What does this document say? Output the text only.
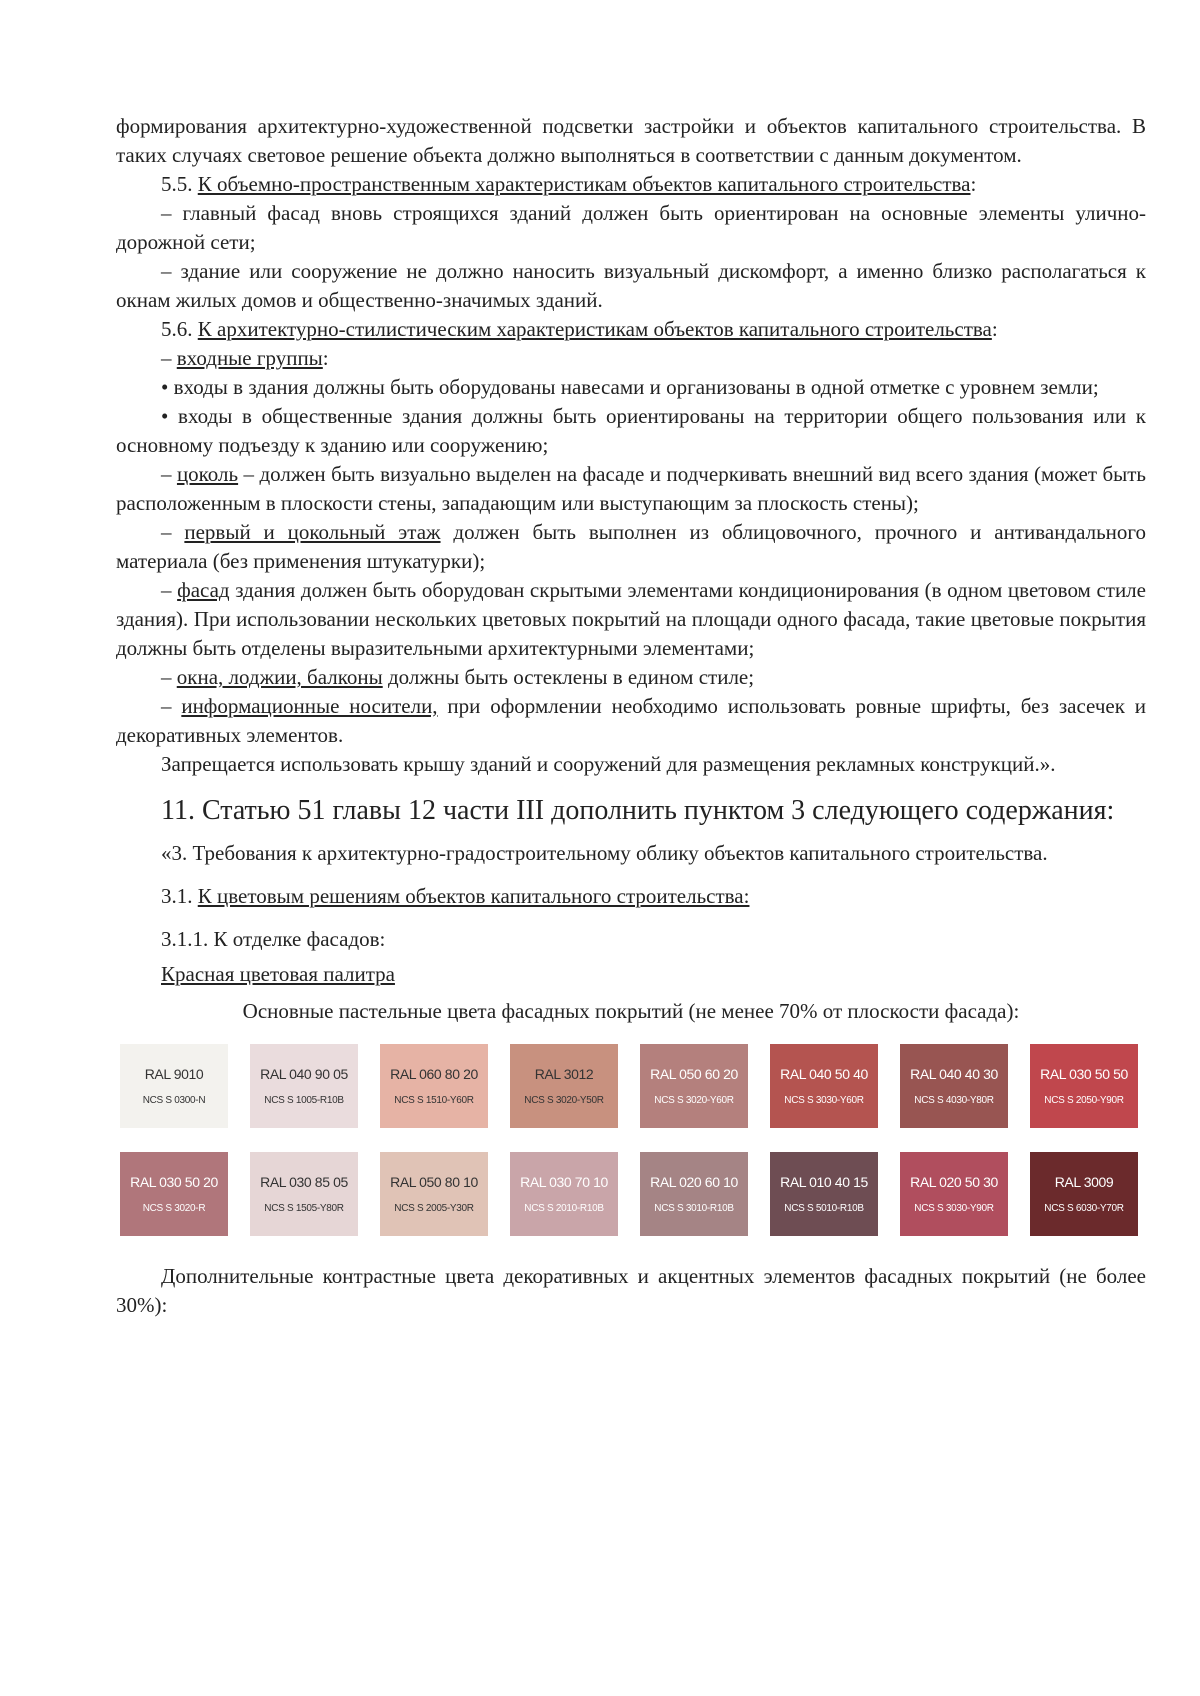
формирования архитектурно-художественной подсветки застройки и объектов капитального строительства. В таких случаях световое решение объекта должно выполняться в соответствии с данным документом.

5.5. К объемно-пространственным характеристикам объектов капитального строительства:

– главный фасад вновь строящихся зданий должен быть ориентирован на основные элементы улично-дорожной сети;

– здание или сооружение не должно наносить визуальный дискомфорт, а именно близко располагаться к окнам жилых домов и общественно-значимых зданий.

5.6. К архитектурно-стилистическим характеристикам объектов капитального строительства:

– входные группы:

• входы в здания должны быть оборудованы навесами и организованы в одной отметке с уровнем земли;

• входы в общественные здания должны быть ориентированы на территории общего пользования или к основному подъезду к зданию или сооружению;

– цоколь – должен быть визуально выделен на фасаде и подчеркивать внешний вид всего здания (может быть расположенным в плоскости стены, западающим или выступающим за плоскость стены);

– первый и цокольный этаж должен быть выполнен из облицовочного, прочного и антивандального материала (без применения штукатурки);

– фасад здания должен быть оборудован скрытыми элементами кондиционирования (в одном цветовом стиле здания). При использовании нескольких цветовых покрытий на площади одного фасада, такие цветовые покрытия должны быть отделены выразительными архитектурными элементами;

– окна, лоджии, балконы должны быть остеклены в едином стиле;

– информационные носители, при оформлении необходимо использовать ровные шрифты, без засечек и декоративных элементов.

Запрещается использовать крышу зданий и сооружений для размещения рекламных конструкций.».

11. Статью 51 главы 12 части III дополнить пунктом 3 следующего содержания:

«3. Требования к архитектурно-градостроительному облику объектов капитального строительства.

3.1. К цветовым решениям объектов капитального строительства:

3.1.1. К отделке фасадов:

Красная цветовая палитра

Основные пастельные цвета фасадных покрытий (не менее 70% от плоскости фасада):

RAL 9010
NCS S 0300-N
RAL 040 90 05
NCS S 1005-R10B
RAL 060 80 20
NCS S 1510-Y60R
RAL 3012
NCS S 3020-Y50R
RAL 050 60 20
NCS S 3020-Y60R
RAL 040 50 40
NCS S 3030-Y60R
RAL 040 40 30
NCS S 4030-Y80R
RAL 030 50 50
NCS S 2050-Y90R
RAL 030 50 20
NCS S 3020-R
RAL 030 85 05
NCS S 1505-Y80R
RAL 050 80 10
NCS S 2005-Y30R
RAL 030 70 10
NCS S 2010-R10B
RAL 020 60 10
NCS S 3010-R10B
RAL 010 40 15
NCS S 5010-R10B
RAL 020 50 30
NCS S 3030-Y90R
RAL 3009
NCS S 6030-Y70R

Дополнительные контрастные цвета декоративных и акцентных элементов фасадных покрытий (не более 30%):
